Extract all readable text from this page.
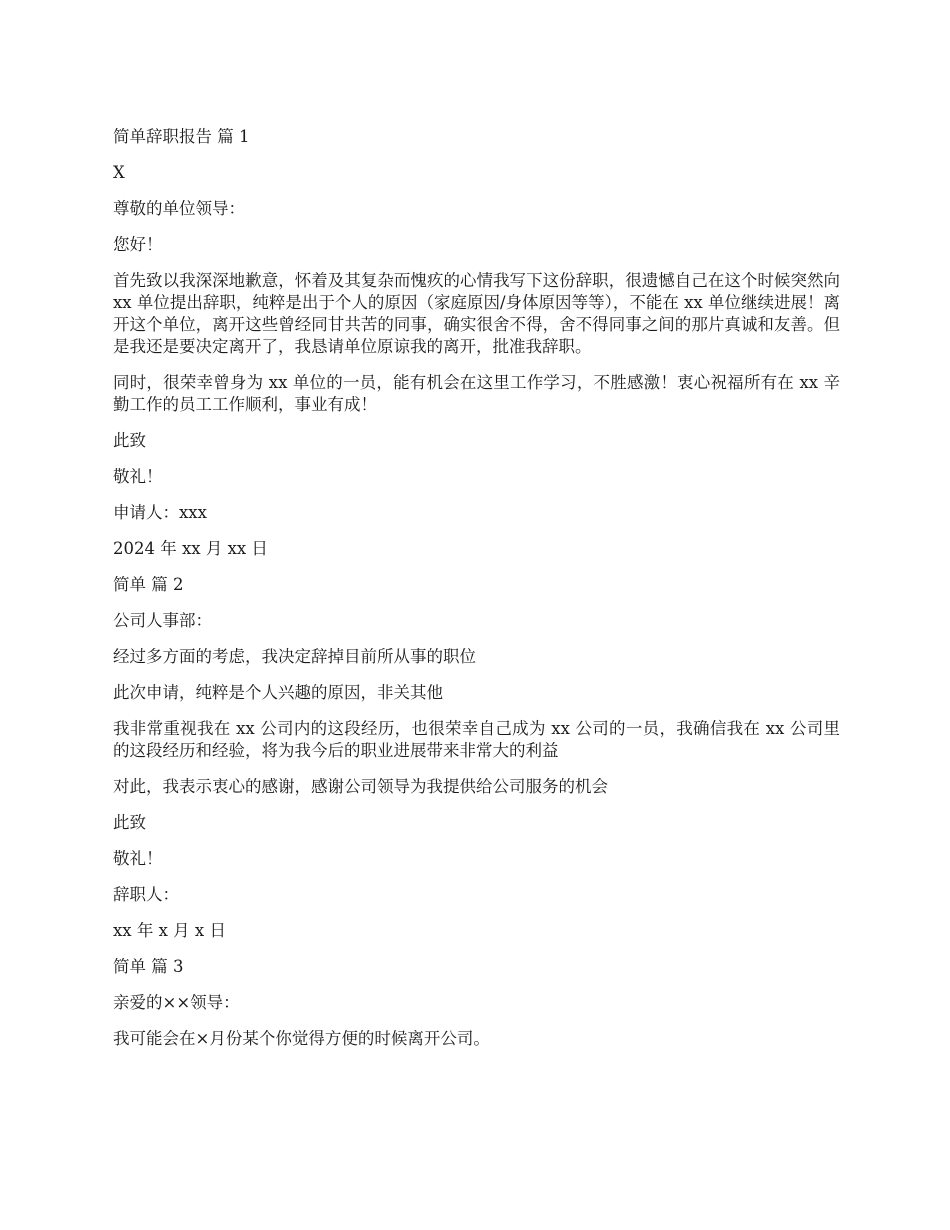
简单辞职报告 篇 1

X

尊敬的单位领导：

您好！

首先致以我深深地歉意，怀着及其复杂而愧疚的心情我写下这份辞职，很遗憾自己在这个时候突然向 xx 单位提出辞职，纯粹是出于个人的原因（家庭原因/身体原因等等），不能在 xx 单位继续进展！离开这个单位，离开这些曾经同甘共苦的同事，确实很舍不得，舍不得同事之间的那片真诚和友善。但是我还是要决定离开了，我恳请单位原谅我的离开，批准我辞职。

同时，很荣幸曾身为 xx 单位的一员，能有机会在这里工作学习，不胜感激！衷心祝福所有在 xx 辛勤工作的员工工作顺利，事业有成！

此致

敬礼！

申请人：xxx

2024 年 xx 月 xx 日

简单 篇 2

公司人事部：

经过多方面的考虑，我决定辞掉目前所从事的职位

此次申请，纯粹是个人兴趣的原因，非关其他

我非常重视我在 xx 公司内的这段经历，也很荣幸自己成为 xx 公司的一员，我确信我在 xx 公司里的这段经历和经验，将为我今后的职业进展带来非常大的利益

对此，我表示衷心的感谢，感谢公司领导为我提供给公司服务的机会

此致

敬礼！

辞职人：

xx 年 x 月 x 日

简单 篇 3

亲爱的××领导：

我可能会在×月份某个你觉得方便的时候离开公司。
